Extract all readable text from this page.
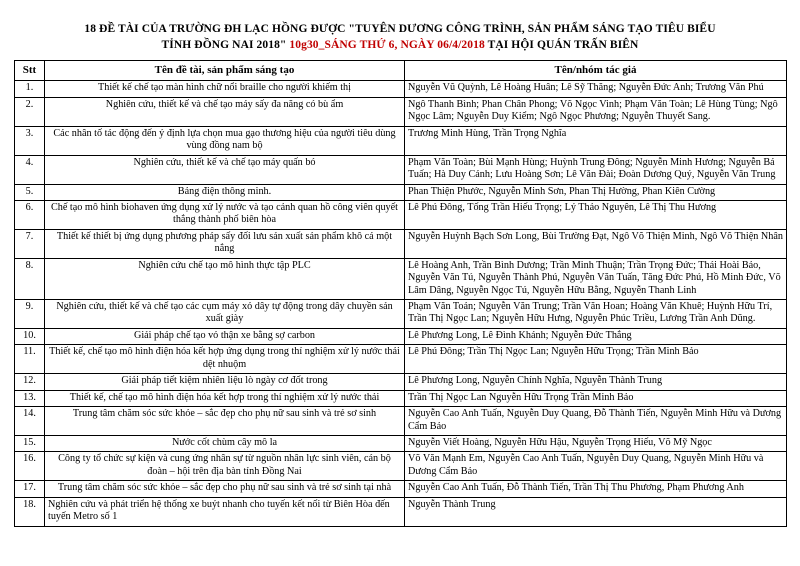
18 ĐỀ TÀI CỦA TRƯỜNG ĐH LẠC HỒNG ĐƯỢC "TUYÊN DƯƠNG CÔNG TRÌNH, SẢN PHẨM SÁNG TẠO TIÊU BIỂU
TỈNH ĐỒNG NAI 2018" 10g30_SÁNG THỨ 6, NGÀY 06/4/2018 TẠI HỘI QUÁN TRẤN BIÊN
Stt	Tên đề tài, sản phẩm sáng tạo	Tên/nhóm tác giả
1.	Thiết kế chế tạo màn hình chữ nổi braille cho người khiếm thị	Nguyễn Vũ Quỳnh, Lê Hoàng Huân; Lê Sỹ Thăng; Nguyễn Đức Anh; Trương Văn Phú
2.	Nghiên cứu, thiết kế và chế tạo máy sấy đa năng có bù ẩm	Ngô Thanh Bình; Phan Chân Phong; Võ Ngọc Vinh; Phạm Văn Toàn; Lê Hùng Tùng; Ngô Ngọc Lâm; Nguyễn Duy Kiểm; Ngô Ngọc Phương; Nguyễn Thuyết Sang.
3.	Các nhân tố tác động đến ý định lựa chọn mua gạo thương hiệu của người tiêu dùng vùng đồng nam bộ	Trương Minh Hùng, Trần Trọng Nghĩa
4.	Nghiên cứu, thiết kế và chế tạo máy quấn bó	Phạm Văn Toàn; Bùi Mạnh Hùng; Huỳnh Trung Đông; Nguyễn Minh Hương; Nguyễn Bá Tuấn; Hà Duy Cánh; Lưu Hoàng Sơn; Lê Văn Đài; Đoàn Dương Quý, Nguyễn Văn Trung
5.	Bảng điện thông minh.	Phan Thiện Phước, Nguyễn Minh Sơn, Phan Thị Hường, Phan Kiên Cường
6.	Chế tạo mô hình biohaven ứng dụng xử lý nước và tạo cảnh quan hồ công viên quyết thắng thành phố biên hòa	Lê Phú Đông, Tống Trần Hiếu Trọng; Lý Thảo Nguyên, Lê Thị Thu Hương
7.	Thiết kế thiết bị ứng dụng phương pháp sấy đối lưu sản xuất sản phẩm khô cá một nắng	Nguyễn Huỳnh Bạch Sơn Long, Bùi Trường Đạt, Ngô Võ Thiện Minh, Ngô Võ Thiện Nhân
8.	Nghiên cứu chế tạo mô hình thực tập PLC	Lê Hoàng Anh, Trần Bình Dương; Trần Minh Thuận; Trần Trọng Đức; Thái Hoài Bảo, Nguyễn Văn Tú, Nguyễn Thành Phú, Nguyễn Văn Tuấn, Tăng Đức Phú, Hồ Minh Đức, Võ Lâm Dâng, Nguyễn Ngọc Tú, Nguyễn Hữu Bằng, Nguyễn Thanh Linh
9.	Nghiên cứu, thiết kế và chế tạo các cụm máy xỏ dây tự động trong dây chuyền sản xuất giày	Phạm Văn Toản; Nguyễn Văn Trung; Trần Văn Hoan; Hoàng Văn Khuê; Huỳnh Hữu Trí, Trần Thị Ngọc Lan; Nguyễn Hữu Hưng, Nguyễn Phúc Triều, Lương Trần Anh Dũng.
10.	Giải pháp chế tạo vỏ thận xe bằng sợ carbon	Lê Phương Long, Lê Đình Khánh; Nguyễn Đức Thắng
11.	Thiết kế, chế tạo mô hình điện hóa kết hợp ứng dụng trong thí nghiệm xử lý nước thải dệt nhuộm	Lê Phú Đông; Trần Thị Ngọc Lan; Nguyễn Hữu Trọng; Trần Minh Bảo
12.	Giải pháp tiết kiệm nhiên liệu lò ngày cơ đốt trong	Lê Phương Long, Nguyễn Chính Nghĩa, Nguyễn Thành Trung
13.	Thiết kế, chế tạo mô hình điện hóa kết hợp trong thí nghiệm xử lý nước thải	Trần Thị Ngọc Lan Nguyễn Hữu Trọng Trần Minh Bảo
14.	Trung tâm chăm sóc sức khỏe – sắc đẹp cho phụ nữ sau sinh và trẻ sơ sinh	Nguyễn Cao Anh Tuấn, Nguyễn Duy Quang, Đỗ Thành Tiến, Nguyễn Minh Hữu và Dương Cẩm Bảo
15.	Nước cốt chùm cây mô la	Nguyễn Viết Hoàng, Nguyễn Hữu Hậu, Nguyễn Trọng Hiếu, Võ Mỹ Ngọc
16.	Công ty tổ chức sự kiện và cung ứng nhân sự từ nguồn nhân lực sinh viên, cán bộ đoàn – hội trên địa bàn tỉnh Đồng Nai	Võ Văn Mạnh Em, Nguyễn Cao Anh Tuấn, Nguyễn Duy Quang, Nguyễn Minh Hữu và Dương Cẩm Bảo
17.	Trung tâm chăm sóc sức khỏe – sắc đẹp cho phụ nữ sau sinh và trẻ sơ sinh tại nhà	Nguyễn Cao Anh Tuấn, Đỗ Thành Tiến, Trần Thị Thu Phương, Phạm Phương Anh
18.	Nghiên cứu và phát triển hệ thống xe buýt nhanh cho tuyến kết nối từ Biên Hòa đến tuyến Metro số 1	Nguyễn Thành Trung
